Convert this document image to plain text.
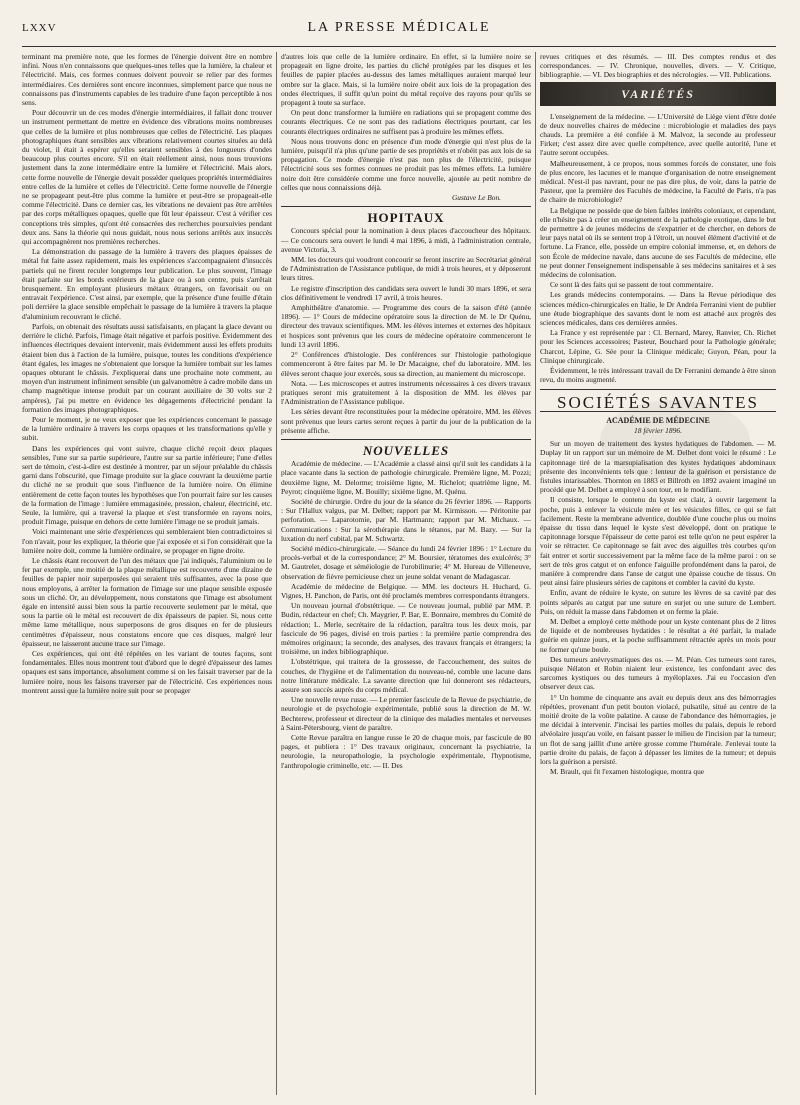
LXXV	LA PRESSE MÉDICALE

terminant ma première note, que les formes de l'énergie doivent être en nombre infini. Nous n'en connaissons que quelques-unes telles que la lumière, la chaleur et l'électricité. Mais, ces formes connues doivent pouvoir se relier par des formes intermédiaires. Ces dernières sont encore inconnues, simplement parce que nous ne connaissons pas d'instruments capables de les traduire d'une façon perceptible à nos sens.

Pour découvrir un de ces modes d'énergie intermédiaires, il fallait donc trouver un instrument permettant de mettre en évidence des vibrations moins nombreuses que celles de la lumière et plus nombreuses que celles de l'électricité. Les plaques photographiques étant sensibles aux vibrations relativement courtes situées au delà du violet, il était à espérer qu'elles seraient sensibles à des longueurs d'ondes beaucoup plus courtes encore. S'il en était réellement ainsi, nous nous trouvions justement dans la zone intermédiaire entre la lumière et l'électricité. Mais alors, cette forme nouvelle de l'énergie devait posséder quelques propriétés intermédiaires entre celles de la lumière et celles de l'électricité. Cette forme nouvelle de l'énergie ne se propageant peut-être plus comme la lumière et peut-être se propageait-elle comme l'électricité. Dans ce dernier cas, les vibrations ne devaient pas être arrêtées par des corps métalliques opaques, quelle que fût leur épaisseur. C'est à vérifier ces conceptions très simples, qu'ont été consacrées des recherches poursuivies pendant deux ans. Sans la théorie qui nous guidait, nous nous serions arrêtés aux insuccès qui accompagnèrent nos premières recherches.

La démonstration du passage de la lumière à travers des plaques épaisses de métal fut faite assez rapidement, mais les expériences s'accompagnaient d'insuccès partiels qui ne firent reculer longtemps leur publication. Le plus souvent, l'image était parfaite sur les bords extérieurs de la glace ou à son centre, puis s'arrêtait brusquement. En employant plusieurs métaux étrangers, on favorisait ou on entravait l'expérience. C'est ainsi, par exemple, que la présence d'une feuille d'étain poli derrière la glace sensible empêchait le passage de la lumière à travers la plaque d'aluminium recouvrant le cliché.

Parfois, on obtenait des résultats aussi satisfaisants, en plaçant la glace devant ou derrière le cliché. Parfois, l'image était négative et parfois positive. Évidemment des influences électriques devaient intervenir, mais évidemment aussi les effets produits étaient bien dus à l'action de la lumière, puisque, toutes les conditions d'expérience étant égales, les images ne s'obtenaient que lorsque la lumière tombait sur les lames opaques obturant le châssis. J'expliquerai dans une prochaine note comment, au moyen d'un instrument infiniment sensible (un galvanomètre à cadre mobile dans un champ magnétique intense produit par un courant auxiliaire de 30 volts sur 2 ampères), j'ai pu mettre en évidence les dégagements d'électricité pendant la formation des images photographiques.

Pour le moment, je ne veux exposer que les expériences concernant le passage de la lumière ordinaire à travers les corps opaques et les transformations qu'elle y subit.

Dans les expériences qui vont suivre, chaque cliché reçoit deux plaques sensibles, l'une sur sa partie supérieure, l'autre sur sa partie inférieure; l'une d'elles sert de témoin, c'est-à-dire est destinée à montrer, par un séjour préalable du châssis garni dans l'obscurité, que l'image produite sur la glace couvrant la deuxième partie du cliché ne se produit que sous l'influence de la lumière noire. On élimine entièrement de cette façon toutes les hypothèses que l'on pourrait faire sur les causes de la formation de l'image : lumière emmagasinée, pression, chaleur, électricité, etc. Seule, la lumière, qui a traversé la plaque et s'est transformée en rayons noirs, produit l'image, puisque en dehors de cette lumière l'image ne se produit jamais.

Voici maintenant une série d'expériences qui sembleraient bien contradictoires si l'on n'avait, pour les expliquer, la théorie que j'ai exposée et si l'on considérait que la lumière noire doit, comme la lumière ordinaire, se propager en ligne droite.

Le châssis étant recouvert de l'un des métaux que j'ai indiqués, l'aluminium ou le fer par exemple, une moitié de la plaque métallique est recouverte d'une dizaine de feuilles de papier noir superposées qui seraient très suffisantes, avec la pose que nous employons, à arrêter la formation de l'image sur une plaque sensible exposée sous un cliché. Or, au développement, nous constatons que l'image est absolument égale en intensité aussi bien sous la partie recouverte seulement par le métal, que sous la partie où le métal est recouvert de dix épaisseurs de papier. Si, nous cette même lame métallique, nous superposons de gros disques en fer de plusieurs centimètres d'épaisseur, nous constatons encore que ces disques, malgré leur épaisseur, ne laisseront aucune trace sur l'image.

Ces expériences, qui ont été répétées en les variant de toutes façons, sont fondamentales. Elles nous montrent tout d'abord que le degré d'épaisseur des lames opaques est sans importance, absolument comme si on les faisait traverser par de la lumière noire, nous les faisons traverser par de l'électricité. Ces expériences nous montrent aussi que la lumière noire suit pour se propager

d'autres lois que celle de la lumière ordinaire. En effet, si la lumière noire se propageait en ligne droite, les parties du cliché protégées par les disques et les feuilles de papier placées au-dessus des lames métalliques auraient marqué leur ombre sur la glace. Mais, si la lumière noire obéit aux lois de la propagation des ondes électriques, il suffit qu'un point du métal reçoive des rayons pour qu'ils se propagent à toute sa surface.

On peut donc transformer la lumière en radiations qui se propagent comme des courants électriques. Ce ne sont pas des radiations électriques pourtant, car les courants électriques ordinaires ne suffisent pas à produire les mêmes effets.

Nous nous trouvons donc en présence d'un mode d'énergie qui n'est plus de la lumière, puisqu'il n'a plus qu'une partie de ses propriétés et n'obéit pas aux lois de sa propagation. Ce mode d'énergie n'est pas non plus de l'électricité, puisque l'électricité sous ses formes connues ne produit pas les mêmes effets. La lumière noire doit être considérée comme une force nouvelle, ajoutée au petit nombre de celles que nous connaissions déjà.

Gustave Le Bon.
HOPITAUX

Concours spécial pour la nomination à deux places d'accoucheur des hôpitaux. — Ce concours sera ouvert le lundi 4 mai 1896, à midi, à l'administration centrale, avenue Victoria, 3.

MM. les docteurs qui voudront concourir se feront inscrire au Secrétariat général de l'Administration de l'Assistance publique, de midi à trois heures, et y déposeront leurs titres.

Le registre d'inscription des candidats sera ouvert le lundi 30 mars 1896, et sera clos définitivement le vendredi 17 avril, à trois heures.

Amphithéâtre d'anatomie. — Programme des cours de la saison d'été (année 1896). — 1° Cours de médecine opératoire sous la direction de M. le Dr Quénu, directeur des travaux scientifiques. MM. les élèves internes et externes des hôpitaux et hospices sont prévenus que les cours de médecine opératoire commenceront le lundi 13 avril 1896.

2° Conférences d'histologie. Des conférences sur l'histologie pathologique commenceront à être faites par M. le Dr Macaigne, chef du laboratoire. MM. les élèves seront chaque jour exercés, sous sa direction, au maniement du microscope.

Nota. — Les microscopes et autres instruments nécessaires à ces divers travaux pratiques seront mis gratuitement à la disposition de MM. les élèves par l'Administration de l'Assistance publique.

Les séries devant être reconstituées pour la médecine opératoire, MM. les élèves sont prévenus que leurs cartes seront reçues à partir du jour de la publication de la présente affiche.

NOUVELLES

Académie de médecine. — L'Académie a classé ainsi qu'il suit les candidats à la place vacante dans la section de pathologie chirurgicale. Première ligne, M. Pozzi; deuxième ligne, M. Delorme; troisième ligne, M. Richelot; quatrième ligne, M. Peyrot; cinquième ligne, M. Bouilly; sixième ligne, M. Quénu.

Société de chirurgie. Ordre du jour de la séance du 26 février 1896. — Rapports : Sur l'Hallux valgus, par M. Delbet; rapport par M. Kirmisson. — Péritonite par perforation. — Laparotomie, par M. Hartmann; rapport par M. Michaux. — Communications : Sur la sérothérapie dans le tétanos, par M. Bazy. — Sur la luxation du nerf cubital, par M. Schwartz.

Société médico-chirurgicale. — Séance du lundi 24 février 1896 : 1° Lecture du procès-verbal et de la correspondance; 2° M. Boursier, tératomes des exulcérés; 3° M. Gautrelet, dosage et séméiologie de l'urobilinurie; 4° M. Hureau de Villeneuve, observation de fièvre pernicieuse chez un jeune soldat venant de Madagascar.

Académie de médecine de Belgique. — MM. les docteurs H. Huchard, G. Vignes, H. Panchon, de Paris, ont été proclamés membres correspondants étrangers.

Un nouveau journal d'obstétrique. — Ce nouveau journal, publié par MM. P. Budin, rédacteur en chef; Ch. Maygrier, P. Bar, E. Bonnaire, membres du Comité de rédaction; L. Merle, secrétaire de la rédaction, paraîtra tous les deux mois, par fascicule de 96 pages, divisé en trois parties : la première partie comprendra des mémoires originaux; la seconde, des analyses, des travaux français et étrangers; la troisième, un index bibliographique.

L'obstétrique, qui traitera de la grossesse, de l'accouchement, des suites de couches, de l'hygiène et de l'alimentation du nouveau-né, comble une lacune dans notre littérature médicale. La savante direction que lui donneront ses rédacteurs, assure son succès auprès du corps médical.

Une nouvelle revue russe. — Le premier fascicule de la Revue de psychiatrie, de neurologie et de psychologie expérimentale, publié sous la direction de M. W. Bechterew, professeur et directeur de la clinique des maladies mentales et nerveuses à Saint-Pétersbourg, vient de paraître.

Cette Revue paraîtra en langue russe le 20 de chaque mois, par fascicule de 80 pages, et publiera : 1° Des travaux originaux, concernant la psychiatrie, la neurologie, la neuropathologie, la psychologie expérimentale, l'hypnotisme, l'anthropologie criminelle, etc. — II. Des

revues critiques et des résumés. — III. Des comptes rendus et des correspondances. — IV. Chronique, nouvelles, divers. — V. Critique, bibliographie. — VI. Des biographies et des nécrologies. — VII. Publications.

VARIÉTÉS

L'enseignement de la médecine. — L'Université de Liège vient d'être dotée de deux nouvelles chaires de médecine : microbiologie et maladies des pays chauds. La première a été confiée à M. Malvoz, la seconde au professeur Firket; c'est assez dire avec quelle compétence, avec quelle autorité, l'une et l'autre seront occupées.

Malheureusement, à ce propos, nous sommes forcés de constater, une fois de plus encore, les lacunes et le manque d'organisation de notre enseignement médical. N'est-il pas navrant, pour ne pas dire plus, de voir, dans la patrie de Pasteur, que la première des Facultés de médecine, la Faculté de Paris, n'a pas de chaire de microbiologie?

La Belgique ne possède que de bien faibles intérêts coloniaux, et cependant, elle n'hésite pas à créer un enseignement de la pathologie exotique, dans le but de permettre à de jeunes médecins de s'expatrier et de chercher, en dehors de leur pays natal où ils se sentent trop à l'étroit, un nouvel élément d'activité et de fortune. La France, elle, possède un empire colonial immense, et, en dehors de son École de médecine navale, dans aucune de ses Facultés de médecine, elle ne peut donner l'enseignement indispensable à ses médecins sanitaires et à ses médecins de colonisation.

Ce sont là des faits qui se passent de tout commentaire.

Les grands médecins contemporains. — Dans la Revue périodique des sciences médico-chirurgicales en Italie, le Dr Andréa Ferranini vient de publier une étude biographique des savants dont le nom est attaché aux progrès des sciences médicales, dans ces dernières années.

La France y est représentée par : Cl. Bernard, Marey, Ranvier, Ch. Richet pour les Sciences accessoires; Pasteur, Bouchard pour la Pathologie générale; Charcot, Lépine, G. Sée pour la Clinique médicale; Guyon, Péan, pour la Clinique chirurgicale.

Évidemment, le très intéressant travail du Dr Ferranini demande à être sinon revu, du moins augmenté.

SOCIÉTÉS SAVANTES
ACADÉMIE DE MÉDECINE
18 février 1896.

Sur un moyen de traitement des kystes hydatiques de l'abdomen. — M. Duplay lit un rapport sur un mémoire de M. Delbet dont voici le résumé : Le capitonnage tiré de la marsupialisation des kystes hydatiques abdominaux présente des inconvénients tels que : lenteur de la guérison et persistance de fistules intarissables. Thornton en 1883 et Billroth en 1892 avaient imaginé un procédé que M. Delbet a employé à son tour, en le modifiant.

Il consiste, lorsque le contenu du kyste est clair, à ouvrir largement la poche, puis à enlever la vésicule mère et les vésicules filles, ce qui se fait facilement. Reste la membrane adventice, doublée d'une couche plus ou moins épaisse du tissu dans lequel le kyste s'est développé, dont on pratique le capitonnage lorsque l'épaisseur de cette paroi est telle qu'on ne peut espérer la voir se rétracter. Ce capitonnage se fait avec des aiguilles très courbes qu'on fait entrer et sortir successivement par la même face de la même paroi : on se sert de très gros catgut et on enfonce l'aiguille profondément dans la paroi, de manière à comprendre dans l'anse de catgut une épaisse couche de tissus. On peut ainsi faire plusieurs séries de capitons et combler la cavité du kyste.

Enfin, avant de réduire le kyste, on suture les lèvres de sa cavité par des points séparés au catgut par une suture en surjet ou une suture de Lembert. Puis, on réduit la masse dans l'abdomen et on ferme la plaie.

M. Delbet a employé cette méthode pour un kyste contenant plus de 2 litres de liquide et de nombreuses hydatides : le résultat a été parfait, la malade guérie en quinze jours, et la poche suffisamment rétractée après un mois pour ne former qu'une boule.

Des tumeurs anévrysmatiques des os. — M. Péan. Ces tumeurs sont rares, puisque Nélaton et Robin niaient leur existence, les confondant avec des sarcomes kystiques ou des tumeurs à myéloplaxes. J'ai eu l'occasion d'en observer deux cas.

1° Un homme de cinquante ans avait eu depuis deux ans des hémorragies répétées, provenant d'un petit bouton violacé, pulsatile, situé au centre de la moitié droite de la voûte palatine. A cause de l'abondance des hémorragies, je me décidai à intervenir. J'incisai les parties molles du palais, depuis le rebord alvéolaire jusqu'au voile, en faisant passer le milieu de l'incision par la tumeur; un flot de sang jaillit d'une artère grosse comme l'humérale. J'enlevai toute la partie droite du palais, de façon à dépasser les limites de la tumeur; et depuis lors la guérison a persisté.

M. Brault, qui fit l'examen histologique, montra que
